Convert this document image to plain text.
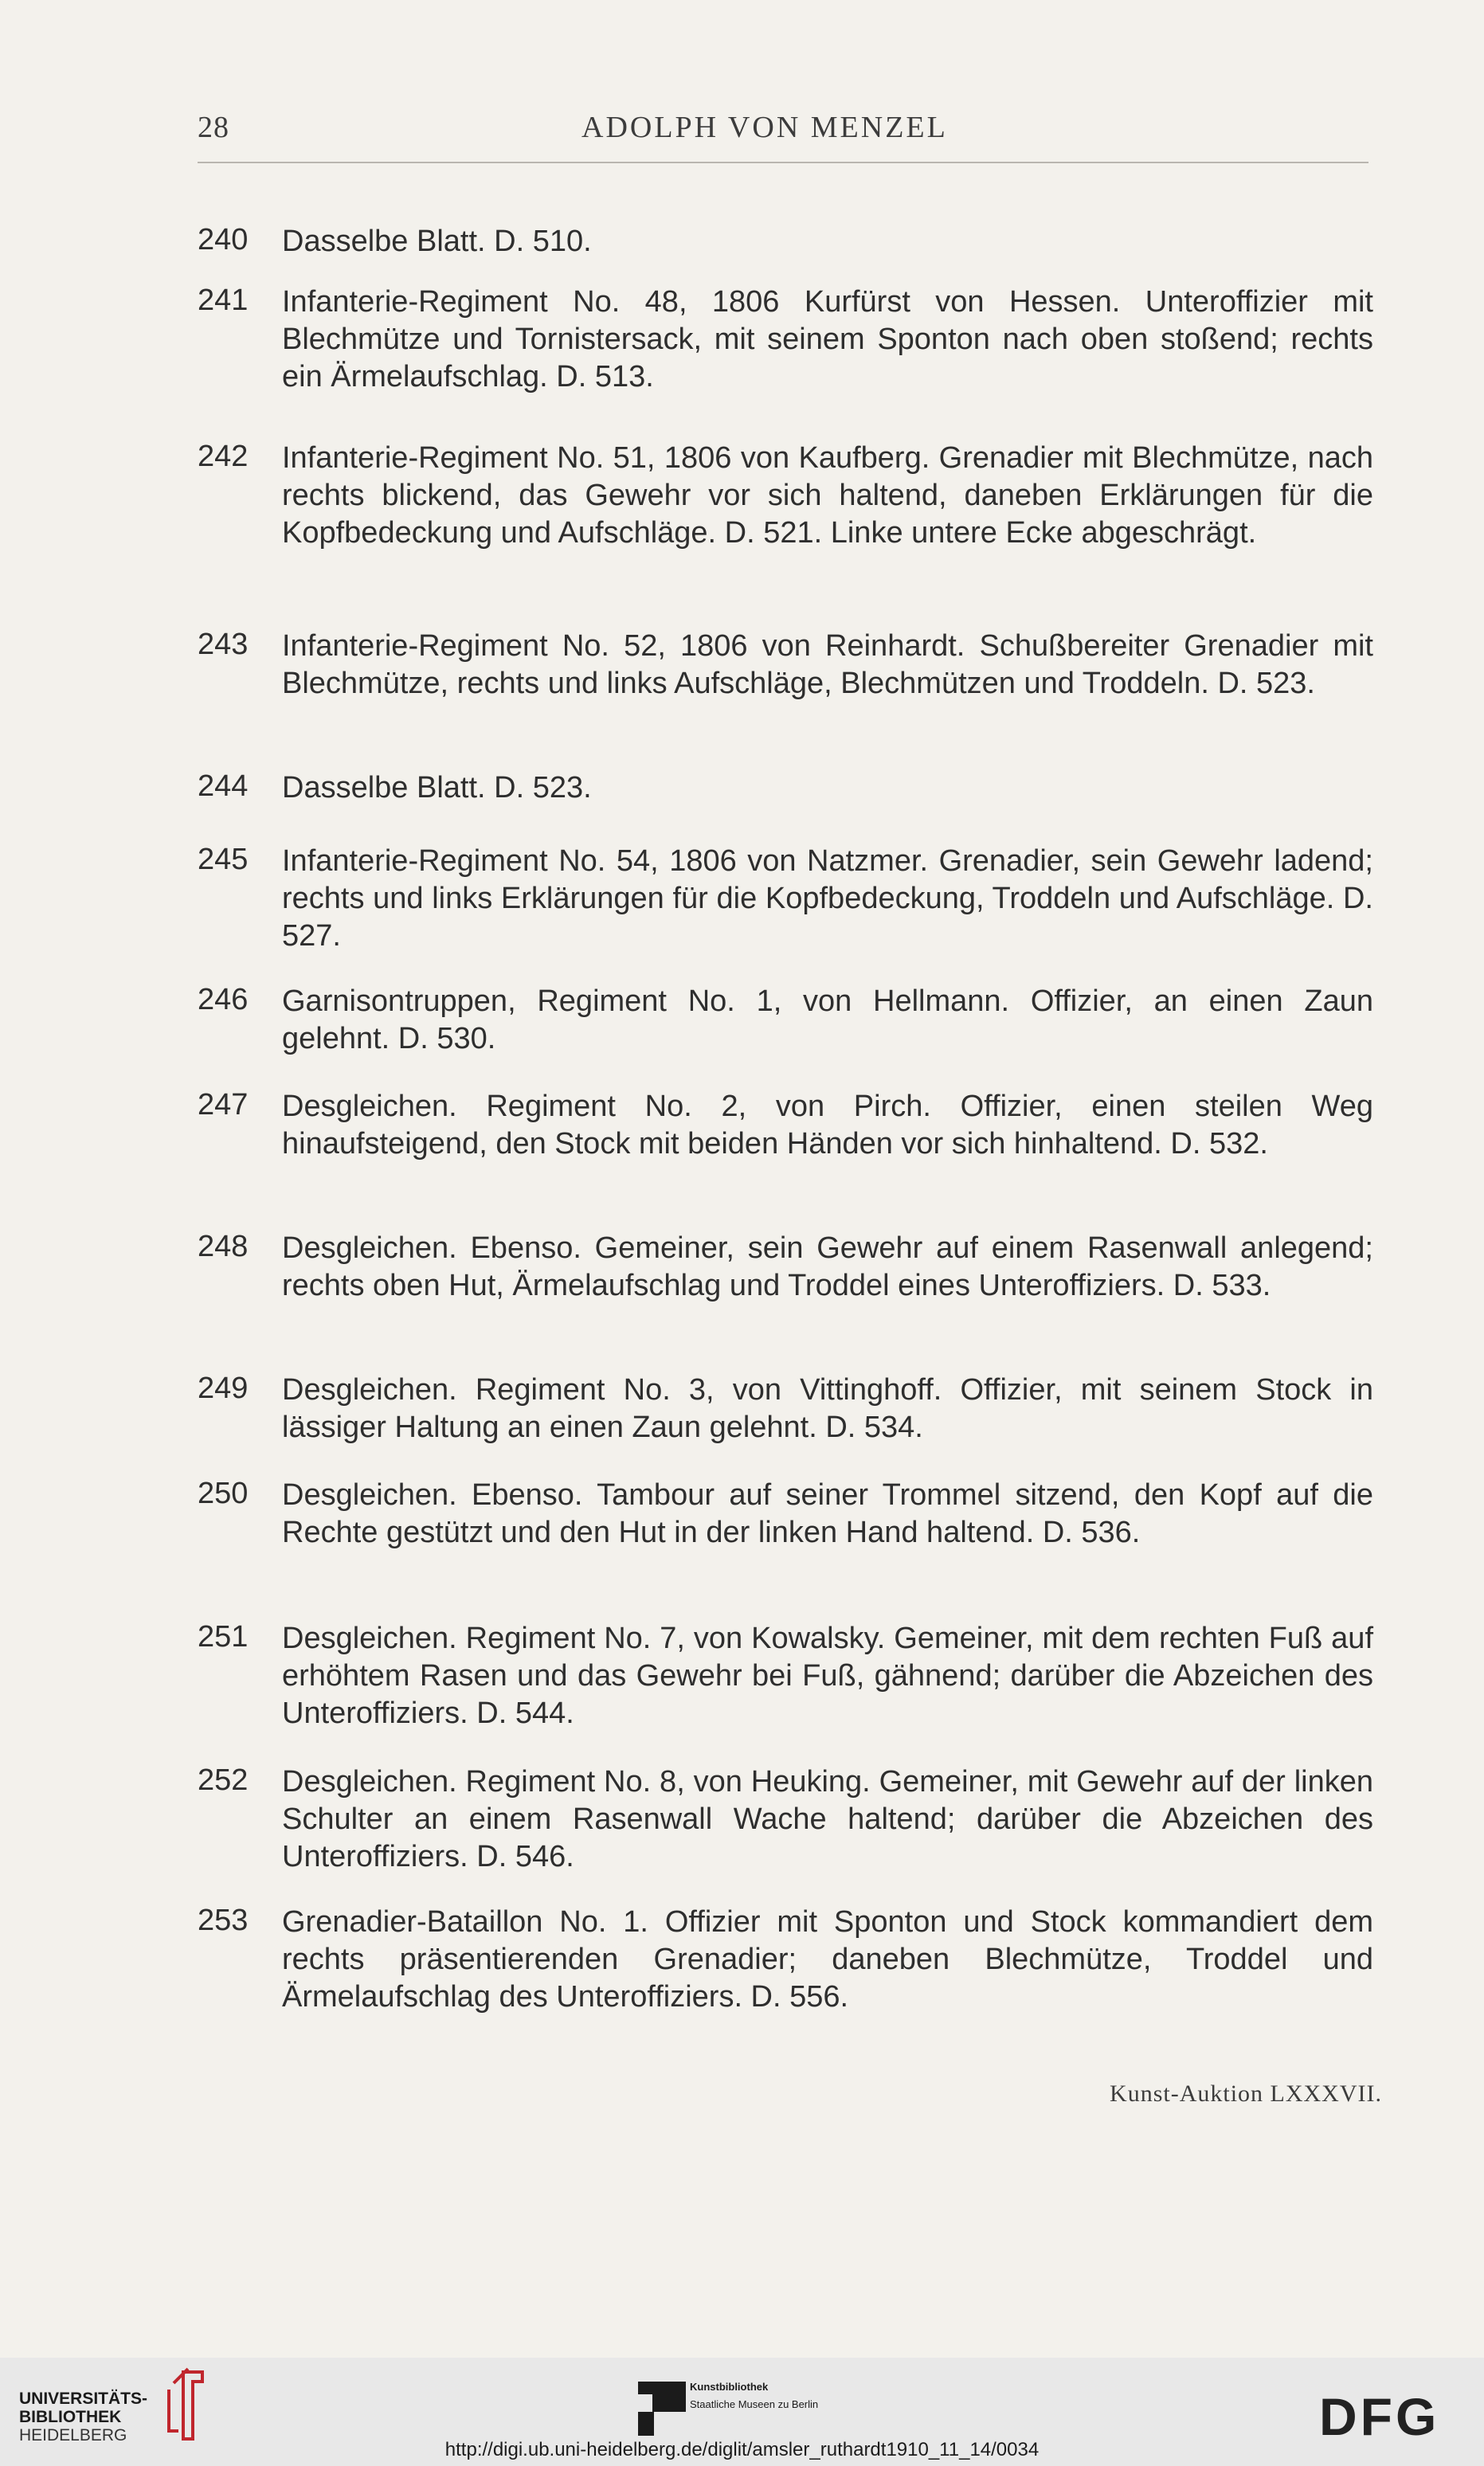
28	ADOLPH VON MENZEL
240 Dasselbe Blatt. D. 510.
241 Infanterie-Regiment No. 48, 1806 Kurfürst von Hessen. Unteroffizier mit Blechmütze und Tornistersack, mit seinem Sponton nach oben stoßend; rechts ein Ärmelaufschlag. D. 513.
242 Infanterie-Regiment No. 51, 1806 von Kaufberg. Grenadier mit Blechmütze, nach rechts blickend, das Gewehr vor sich haltend, daneben Erklärungen für die Kopfbedeckung und Aufschläge. D. 521. Linke untere Ecke abgeschrägt.
243 Infanterie-Regiment No. 52, 1806 von Reinhardt. Schußbereiter Grenadier mit Blechmütze, rechts und links Aufschläge, Blechmützen und Troddeln. D. 523.
244 Dasselbe Blatt. D. 523.
245 Infanterie-Regiment No. 54, 1806 von Natzmer. Grenadier, sein Gewehr ladend; rechts und links Erklärungen für die Kopfbedeckung, Troddeln und Aufschläge. D. 527.
246 Garnisontruppen, Regiment No. 1, von Hellmann. Offizier, an einen Zaun gelehnt. D. 530.
247 Desgleichen. Regiment No. 2, von Pirch. Offizier, einen steilen Weg hinaufsteigend, den Stock mit beiden Händen vor sich hinhaltend. D. 532.
248 Desgleichen. Ebenso. Gemeiner, sein Gewehr auf einem Rasenwall anlegend; rechts oben Hut, Ärmelaufschlag und Troddel eines Unteroffiziers. D. 533.
249 Desgleichen. Regiment No. 3, von Vittinghoff. Offizier, mit seinem Stock in lässiger Haltung an einen Zaun gelehnt. D. 534.
250 Desgleichen. Ebenso. Tambour auf seiner Trommel sitzend, den Kopf auf die Rechte gestützt und den Hut in der linken Hand haltend. D. 536.
251 Desgleichen. Regiment No. 7, von Kowalsky. Gemeiner, mit dem rechten Fuß auf erhöhtem Rasen und das Gewehr bei Fuß, gähnend; darüber die Abzeichen des Unteroffiziers. D. 544.
252 Desgleichen. Regiment No. 8, von Heuking. Gemeiner, mit Gewehr auf der linken Schulter an einem Rasenwall Wache haltend; darüber die Abzeichen des Unteroffiziers. D. 546.
253 Grenadier-Bataillon No. 1. Offizier mit Sponton und Stock kommandiert dem rechts präsentierenden Grenadier; daneben Blechmütze, Troddel und Ärmelaufschlag des Unteroffiziers. D. 556.
Kunst-Auktion LXXXVII.
UNIVERSITÄTS-
BIBLIOTHEK
HEIDELBERG
Kunstbibliothek
Staatliche Museen zu Berlin	DFG
http://digi.ub.uni-heidelberg.de/diglit/amsler_ruthardt1910_11_14/0034
